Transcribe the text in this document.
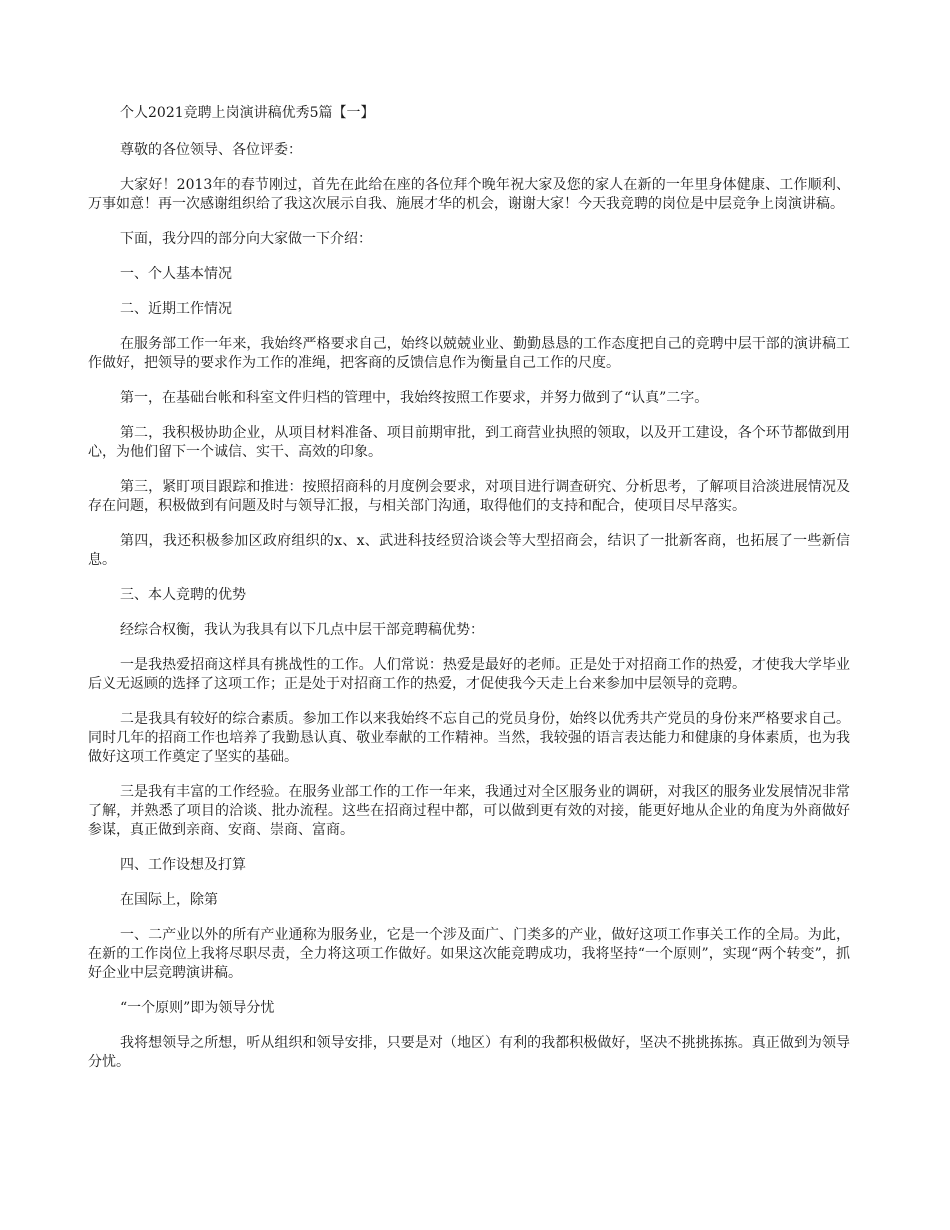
个人2021竞聘上岗演讲稿优秀5篇【一】

尊敬的各位领导、各位评委：

大家好！2013年的春节刚过，首先在此给在座的各位拜个晚年祝大家及您的家人在新的一年里身体健康、工作顺利、万事如意！再一次感谢组织给了我这次展示自我、施展才华的机会，谢谢大家！今天我竞聘的岗位是中层竞争上岗演讲稿。

下面，我分四的部分向大家做一下介绍：

一、个人基本情况

二、近期工作情况

在服务部工作一年来，我始终严格要求自己，始终以兢兢业业、勤勤恳恳的工作态度把自己的竞聘中层干部的演讲稿工作做好，把领导的要求作为工作的准绳，把客商的反馈信息作为衡量自己工作的尺度。

第一，在基础台帐和科室文件归档的管理中，我始终按照工作要求，并努力做到了“认真”二字。

第二，我积极协助企业，从项目材料准备、项目前期审批，到工商营业执照的领取，以及开工建设，各个环节都做到用心，为他们留下一个诚信、实干、高效的印象。

第三，紧盯项目跟踪和推进：按照招商科的月度例会要求，对项目进行调查研究、分析思考，了解项目洽淡进展情况及存在问题，积极做到有问题及时与领导汇报，与相关部门沟通，取得他们的支持和配合，使项目尽早落实。

第四，我还积极参加区政府组织的x、x、武进科技经贸洽谈会等大型招商会，结识了一批新客商，也拓展了一些新信息。

三、本人竞聘的优势

经综合权衡，我认为我具有以下几点中层干部竞聘稿优势：

一是我热爱招商这样具有挑战性的工作。人们常说：热爱是最好的老师。正是处于对招商工作的热爱，才使我大学毕业后义无返顾的选择了这项工作；正是处于对招商工作的热爱，才促使我今天走上台来参加中层领导的竞聘。

二是我具有较好的综合素质。参加工作以来我始终不忘自己的党员身份，始终以优秀共产党员的身份来严格要求自己。同时几年的招商工作也培养了我勤恳认真、敬业奉献的工作精神。当然，我较强的语言表达能力和健康的身体素质，也为我做好这项工作奠定了坚实的基础。

三是我有丰富的工作经验。在服务业部工作的工作一年来，我通过对全区服务业的调研，对我区的服务业发展情况非常了解，并熟悉了项目的洽谈、批办流程。这些在招商过程中都，可以做到更有效的对接，能更好地从企业的角度为外商做好参谋，真正做到亲商、安商、崇商、富商。

四、工作设想及打算

在国际上，除第

一、二产业以外的所有产业通称为服务业，它是一个涉及面广、门类多的产业，做好这项工作事关工作的全局。为此，在新的工作岗位上我将尽职尽责，全力将这项工作做好。如果这次能竞聘成功，我将坚持“一个原则”，实现“两个转变”，抓好企业中层竞聘演讲稿。

“一个原则”即为领导分忧

我将想领导之所想，听从组织和领导安排，只要是对（地区）有利的我都积极做好，坚决不挑挑拣拣。真正做到为领导分忧。
